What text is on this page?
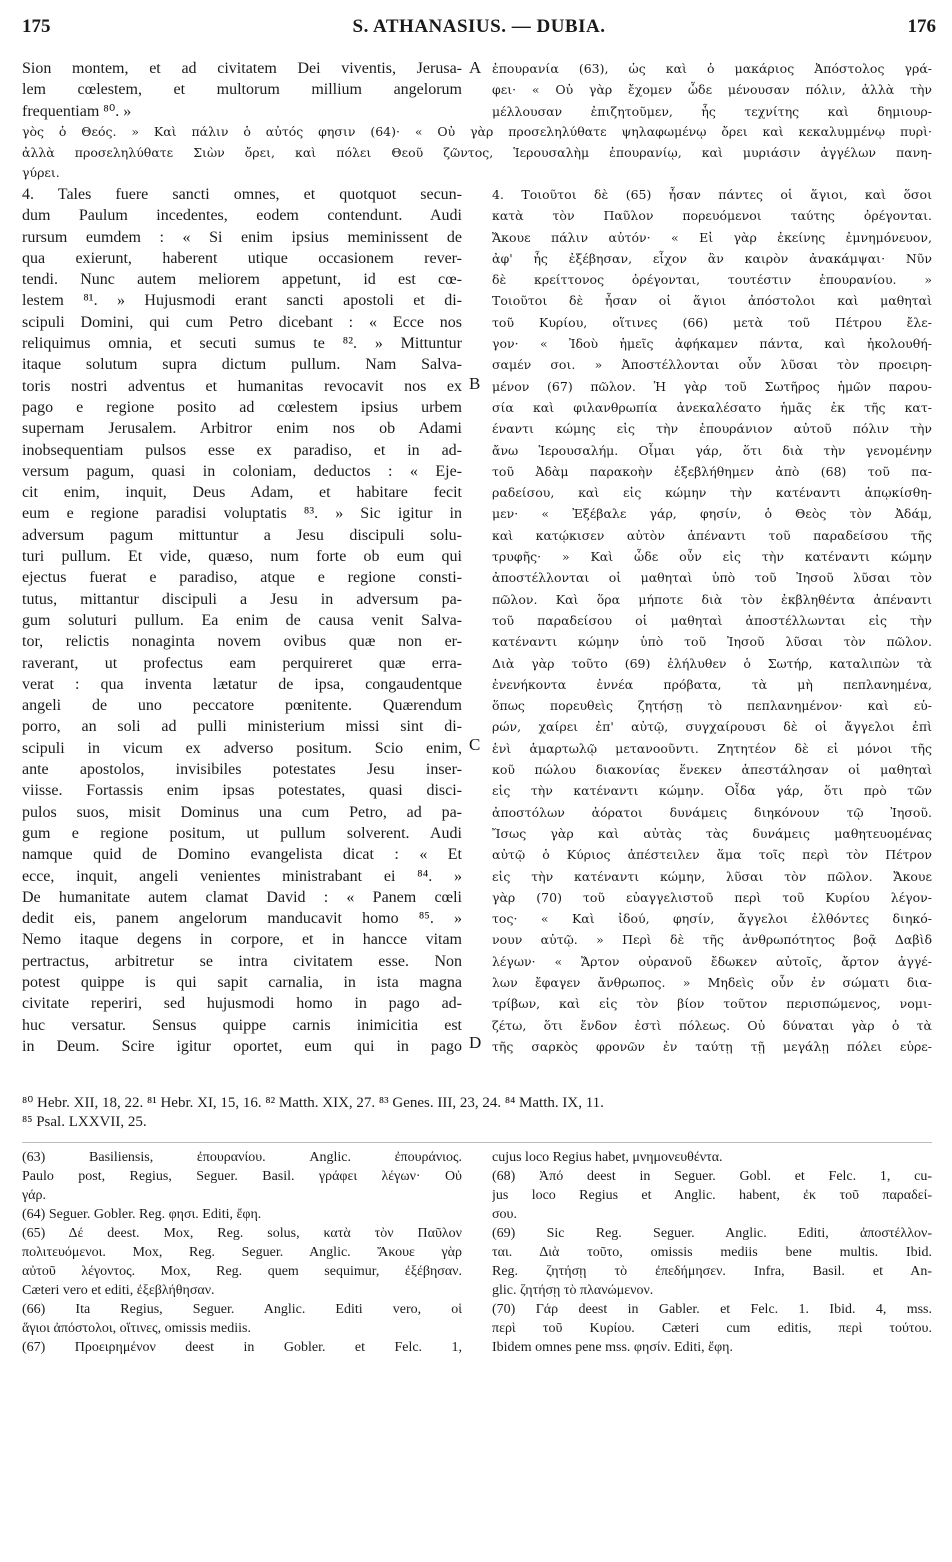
175	S. ATHANASIUS. — DUBIA.	176
Sion montem, et ad civitatem Dei viventis, Jerusa-
lem cœlestem, et multorum millium angelorum
frequentiam ⁸⁰. »
A ἐπουρανία (63), ὡς καὶ ὁ μακάριος Ἀπόστολος γρά-
φει· « Οὐ γὰρ ἔχομεν ὧδε μένουσαν πόλιν, ἀλλὰ τὴν
μέλλουσαν ἐπιζητοῦμεν, ἧς τεχνίτης καὶ δημιουρ-
γὸς ὁ Θεός. » Καὶ πάλιν ὁ αὐτός φησιν (64)· « Οὐ γὰρ προσεληλύθατε ψηλαφωμένῳ ὄρει καὶ κεκαλυμμένῳ πυρὶ·
ἀλλὰ προσεληλύθατε Σιὼν ὄρει, καὶ πόλει Θεοῦ ζῶντος, Ἱερουσαλὴμ ἐπουρανίῳ, καὶ μυριάσιν ἀγγέλων πανη-
γύρει.
4. Tales fuere sancti omnes, et quotquot secun-
dum Paulum incedentes, eodem contendunt. Audi
rursum eumdem : « Si enim ipsius meminissent de
qua exierunt, haberent utique occasionem rever-
tendi. Nunc autem meliorem appetunt, id est cœ-
lestem ⁸¹. » Hujusmodi erant sancti apostoli et di-
scipuli Domini, qui cum Petro dicebant : « Ecce nos
reliquimus omnia, et secuti sumus te ⁸². » Mittuntur
itaque solutum supra dictum pullum. Nam Salva-
toris nostri adventus et humanitas revocavit nos ex
pago e regione posito ad cœlestem ipsius urbem
supernam Jerusalem. Arbitror enim nos ob Adami
inobsequentiam pulsos esse ex paradiso, et in ad-
versum pagum, quasi in coloniam, deductos : « Eje-
cit enim, inquit, Deus Adam, et habitare fecit
eum e regione paradisi voluptatis ⁸³. » Sic igitur in
adversum pagum mittuntur a Jesu discipuli solu-
turi pullum. Et vide, quæso, num forte ob eum qui
ejectus fuerat e paradiso, atque e regione consti-
tutus, mittantur discipuli a Jesu in adversum pa-
gum soluturi pullum. Ea enim de causa venit Salva-
tor, relictis nonaginta novem ovibus quæ non er-
raverant, ut profectus eam perquireret quæ erra-
verat : qua inventa lætatur de ipsa, congaudentque
angeli de uno peccatore pœnitente. Quærendum
porro, an soli ad pulli ministerium missi sint di-
scipuli in vicum ex adverso positum. Scio enim,
ante apostolos, invisibiles potestates Jesu inser-
viisse. Fortassis enim ipsas potestates, quasi disci-
pulos suos, misit Dominus una cum Petro, ad pa-
gum e regione positum, ut pullum solverent. Audi
namque quid de Domino evangelista dicat : « Et
ecce, inquit, angeli venientes ministrabant ei ⁸⁴. »
De humanitate autem clamat David : « Panem cœli
dedit eis, panem angelorum manducavit homo ⁸⁵. »
Nemo itaque degens in corpore, et in hancce vitam
pertractus, arbitretur se intra civitatem esse. Non
potest quippe is qui sapit carnalia, in ista magna
civitate reperiri, sed hujusmodi homo in pago ad-
huc versatur. Sensus quippe carnis inimicitia est
in Deum. Scire igitur oportet, eum qui in pago
B
C
D
4. Τοιοῦτοι δὲ (65) ἦσαν πάντες οἱ ἅγιοι, καὶ ὅσοι
κατὰ τὸν Παῦλον πορευόμενοι ταύτης ὀρέγονται.
Ἄκουε πάλιν αὐτόν· « Εἰ γὰρ ἐκείνης ἐμνημόνευον,
ἀφ' ἧς ἐξέβησαν, εἶχον ἂν καιρὸν ἀνακάμψαι· Νῦν
δὲ κρείττονος ὀρέγονται, τουτέστιν ἐπουρανίου. »
Τοιοῦτοι δὲ ἦσαν οἱ ἅγιοι ἀπόστολοι καὶ μαθηταὶ
τοῦ Κυρίου, οἵτινες (66) μετὰ τοῦ Πέτρου ἔλε-
γον· « Ἰδοὺ ἡμεῖς ἀφήκαμεν πάντα, καὶ ἠκολουθή-
σαμέν σοι. » Ἀποστέλλονται οὖν λῦσαι τὸν προειρη-
μένον (67) πῶλον. Ἡ γὰρ τοῦ Σωτῆρος ἡμῶν παρου-
σία καὶ φιλανθρωπία ἀνεκαλέσατο ἡμᾶς ἐκ τῆς κατ-
έναντι κώμης εἰς τὴν ἐπουράνιον αὐτοῦ πόλιν τὴν
ἄνω Ἱερουσαλήμ. Οἶμαι γάρ, ὅτι διὰ τὴν γενομένην
τοῦ Ἀδὰμ παρακοὴν ἐξεβλήθημεν ἀπὸ (68) τοῦ πα-
ραδείσου, καὶ εἰς κώμην τὴν κατέναντι ἀπῳκίσθη-
μεν· « Ἐξέβαλε γάρ, φησίν, ὁ Θεὸς τὸν Ἀδάμ,
καὶ κατῴκισεν αὐτὸν ἀπέναντι τοῦ παραδείσου τῆς
τρυφῆς· » Καὶ ὧδε οὖν εἰς τὴν κατέναντι κώμην
ἀποστέλλονται οἱ μαθηταὶ ὑπὸ τοῦ Ἰησοῦ λῦσαι τὸν
πῶλον. Καὶ ὅρα μήποτε διὰ τὸν ἐκβληθέντα ἀπέναντι
τοῦ παραδείσου οἱ μαθηταὶ ἀποστέλλωνται εἰς τὴν
κατέναντι κώμην ὑπὸ τοῦ Ἰησοῦ λῦσαι τὸν πῶλον.
Διὰ γὰρ τοῦτο (69) ἐλήλυθεν ὁ Σωτήρ, καταλιπὼν τὰ
ἐνενήκοντα ἐννέα πρόβατα, τὰ μὴ πεπλανημένα,
ὅπως πορευθεὶς ζητήσῃ τὸ πεπλανημένον· καὶ εὑ-
ρών, χαίρει ἐπ' αὐτῷ, συγχαίρουσι δὲ οἱ ἄγγελοι ἐπὶ
ἑνὶ ἁμαρτωλῷ μετανοοῦντι. Ζητητέον δὲ εἰ μόνοι τῆς
κοῦ πώλου διακονίας ἕνεκεν ἀπεστάλησαν οἱ μαθηταὶ
εἰς τὴν κατέναντι κώμην. Οἶδα γάρ, ὅτι πρὸ τῶν
ἀποστόλων ἀόρατοι δυνάμεις διηκόνουν τῷ Ἰησοῦ.
Ἴσως γὰρ καὶ αὐτὰς τὰς δυνάμεις μαθητευομένας
αὐτῷ ὁ Κύριος ἀπέστειλεν ἅμα τοῖς περὶ τὸν Πέτρον
εἰς τὴν κατέναντι κώμην, λῦσαι τὸν πῶλον. Ἄκουε
γὰρ (70) τοῦ εὐαγγελιστοῦ περὶ τοῦ Κυρίου λέγον-
τος· « Καὶ ἰδού, φησίν, ἄγγελοι ἐλθόντες διηκό-
νουν αὐτῷ. » Περὶ δὲ τῆς ἀνθρωπότητος βοᾷ Δαβὶδ
λέγων· « Ἄρτον οὐρανοῦ ἔδωκεν αὐτοῖς, ἄρτον ἀγγέ-
λων ἔφαγεν ἄνθρωπος. » Μηδεὶς οὖν ἐν σώματι δια-
τρίβων, καὶ εἰς τὸν βίον τοῦτον περισπώμενος, νομι-
ζέτω, ὅτι ἔνδον ἐστὶ πόλεως. Οὐ δύναται γὰρ ὁ τὰ
τῆς σαρκὸς φρονῶν ἐν ταύτῃ τῇ μεγάλῃ πόλει εὑρε-
⁸⁰ Hebr. XII, 18, 22. ⁸¹ Hebr. XI, 15, 16. ⁸² Matth. XIX, 27. ⁸³ Genes. III, 23, 24. ⁸⁴ Matth. IX, 11.
⁸⁵ Psal. LXXVII, 25.
(63) Basiliensis, ἐπουρανίου. Anglic. ἐπουράνιος.
Paulo post, Regius, Seguer. Basil. γράφει λέγων· Οὐ
γάρ.
(64) Seguer. Gobler. Reg. φησι. Editi, ἔφη.
(65) Δέ deest. Mox, Reg. solus, κατὰ τὸν Παῦλον
πολιτευόμενοι. Mox, Reg. Seguer. Anglic. Ἄκουε γὰρ
αὐτοῦ λέγοντος. Mox, Reg. quem sequimur, ἐξέβησαν.
Cæteri vero et editi, ἐξεβλήθησαν.
(66) Ita Regius, Seguer. Anglic. Editi vero, οἱ
ἅγιοι ἀπόστολοι, οἵτινες, omissis mediis.
(67) Προειρημένον deest in Gobler. et Felc. 1,
cujus loco Regius habet, μνημονευθέντα.
(68) Ἀπό deest in Seguer. Gobl. et Felc. 1, cu-
jus loco Regius et Anglic. habent, ἐκ τοῦ παραδεί-
σου.
(69) Sic Reg. Seguer. Anglic. Editi, ἀποστέλλον-
ται. Διὰ τοῦτο, omissis mediis bene multis. Ibid.
Reg. ζητήσῃ τὸ ἐπεδήμησεν. Infra, Basil. et An-
glic. ζητήσῃ τὸ πλανώμενον.
(70) Γάρ deest in Gabler. et Felc. 1. Ibid. 4, mss.
περὶ τοῦ Κυρίου. Cæteri cum editis, περὶ τούτου.
Ibidem omnes pene mss. φησίν. Editi, ἔφη.
